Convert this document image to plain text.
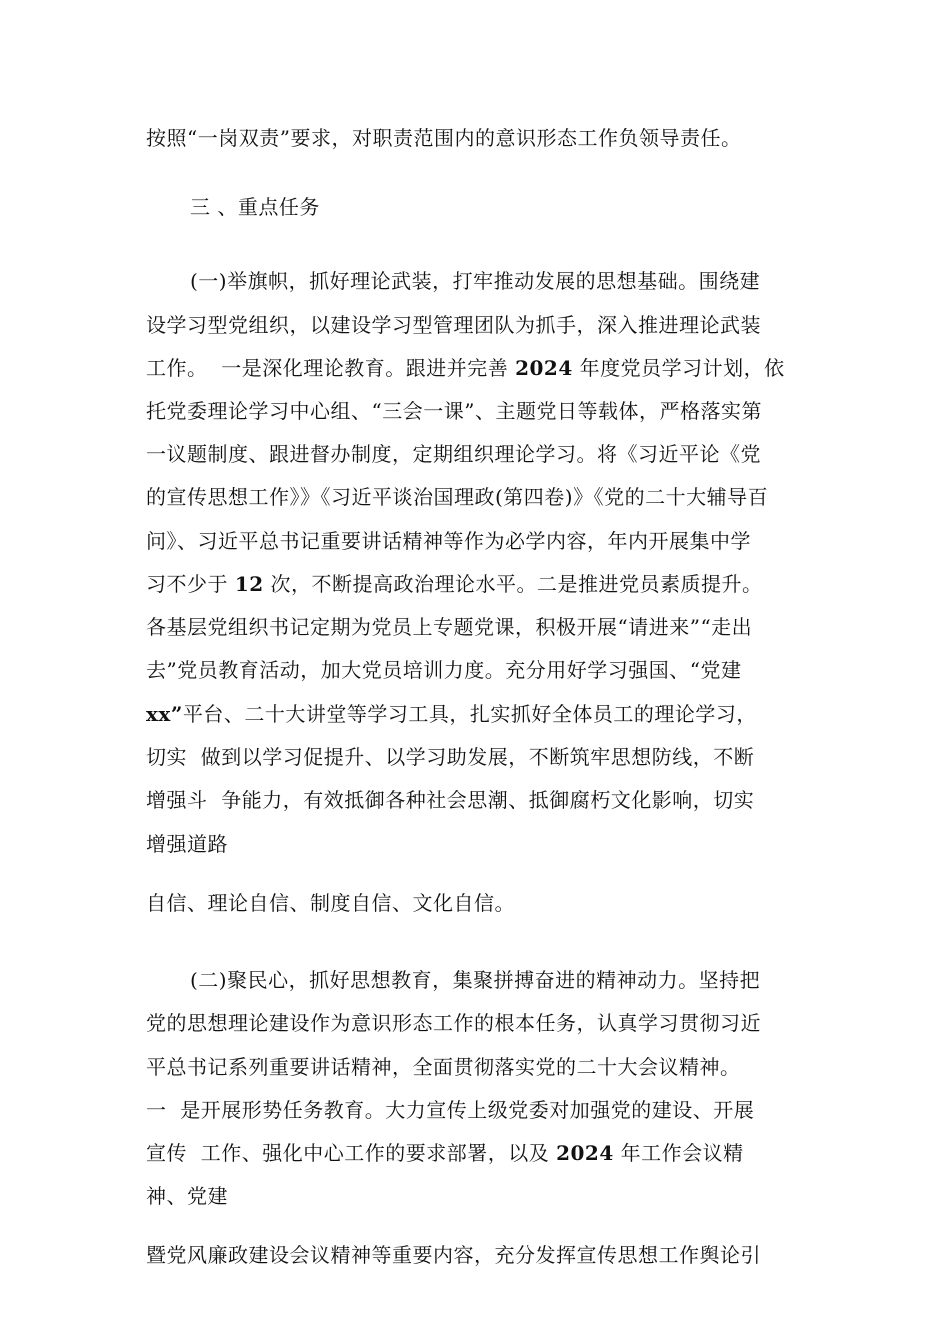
按照“一岗双责”要求，对职责范围内的意识形态工作负领导责任。
三 、重点任务
(一)举旗帜，抓好理论武装，打牢推动发展的思想基础。围绕建
设学习型党组织，以建设学习型管理团队为抓手，深入推进理论武装
工作。  一是深化理论教育。跟进并完善 2024 年度党员学习计划，依
托党委理论学习中心组、“三会一课”、主题党日等载体，严格落实第
一议题制度、跟进督办制度，定期组织理论学习。将《习近平论《党
的宣传思想工作》》《习近平谈治国理政(第四卷)》《党的二十大辅导百
问》、习近平总书记重要讲话精神等作为必学内容，年内开展集中学
习不少于 12 次，不断提高政治理论水平。二是推进党员素质提升。
各基层党组织书记定期为党员上专题党课，积极开展“请进来”“走出
去”党员教育活动，加大党员培训力度。充分用好学习强国、“党建
xx”平台、二十大讲堂等学习工具，扎实抓好全体员工的理论学习，
切实  做到以学习促提升、以学习助发展，不断筑牢思想防线，不断
增强斗  争能力，有效抵御各种社会思潮、抵御腐朽文化影响，切实
增强道路
自信、理论自信、制度自信、文化自信。
(二)聚民心，抓好思想教育，集聚拼搏奋进的精神动力。坚持把
党的思想理论建设作为意识形态工作的根本任务，认真学习贯彻习近
平总书记系列重要讲话精神，全面贯彻落实党的二十大会议精神。
一  是开展形势任务教育。大力宣传上级党委对加强党的建设、开展
宣传  工作、强化中心工作的要求部署，以及 2024 年工作会议精
神、党建
暨党风廉政建设会议精神等重要内容，充分发挥宣传思想工作舆论引
